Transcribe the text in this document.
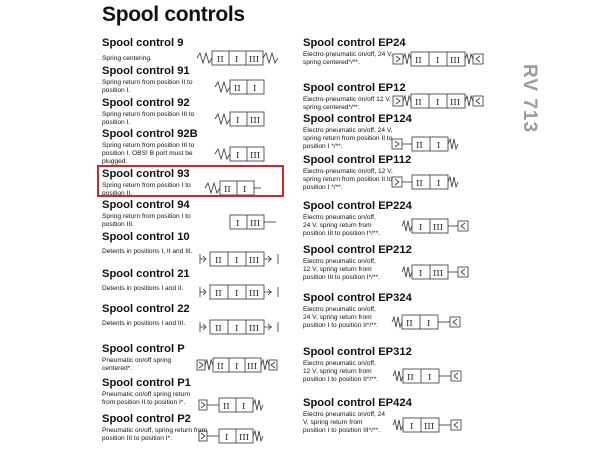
Spool controls
RV 713
Spool control 9
Spring centering.	II I III
Spool control 91
Spring return from position II to position I.	II I
Spool control 92
Spring return from position III to position I.	I III
Spool control 92B
Spring return from position III to position I. OBS! B port must be plugged.
I III
Spool control 93
Spring return from position I to position II.	II I
Spool control 94
Spring return from position I to position III.	I III
Spool control 10
Detents in positions I, II and III.
II I III
Spool control 21
Detents in positions I and II.
II I III
Spool control 22
Detents in positions I and III.
II I III
Spool control P
Pneumatic on/off spring centered*.	II I III
Spool control P1
Pneumatic on/off spring return from position II to position I*.	II I
Spool control P2
Pneumatic on/off, spring return from position III to position I*.	I III
Spool control EP24
Electro-pneumatic on/off, 24 V, spring centered*/**.	II I III
Spool control EP12
Electro-pneumatic on/off 12 V, spring centered*/**.	II I III
Spool control EP124
Electro pneumatic on/off, 24 V, spring return from position II to position I */**.	II I
Spool control EP112
Electro-pneumatic on/off, 12 V, spring return from position II to position I */**.	II I
Spool control EP224
Electro pneumatic on/off, 24 V, spring return from position III to position I*/**.
I III
Spool control EP212
Electro pneumatic on/off, 12 V, spring return from position III to position I*/**.	I III
Spool control EP324
Electro pneumatic on/off, 24 V, spring return from position I to position II*/**.	II I
Spool control EP312
Electro pneumatic on/off, 12 V, spring return from position I to position II*/**.	II I
Spool control EP424
Electro pneumatic on/off, 24 V, spring return from position I to position III*/**.	I III
